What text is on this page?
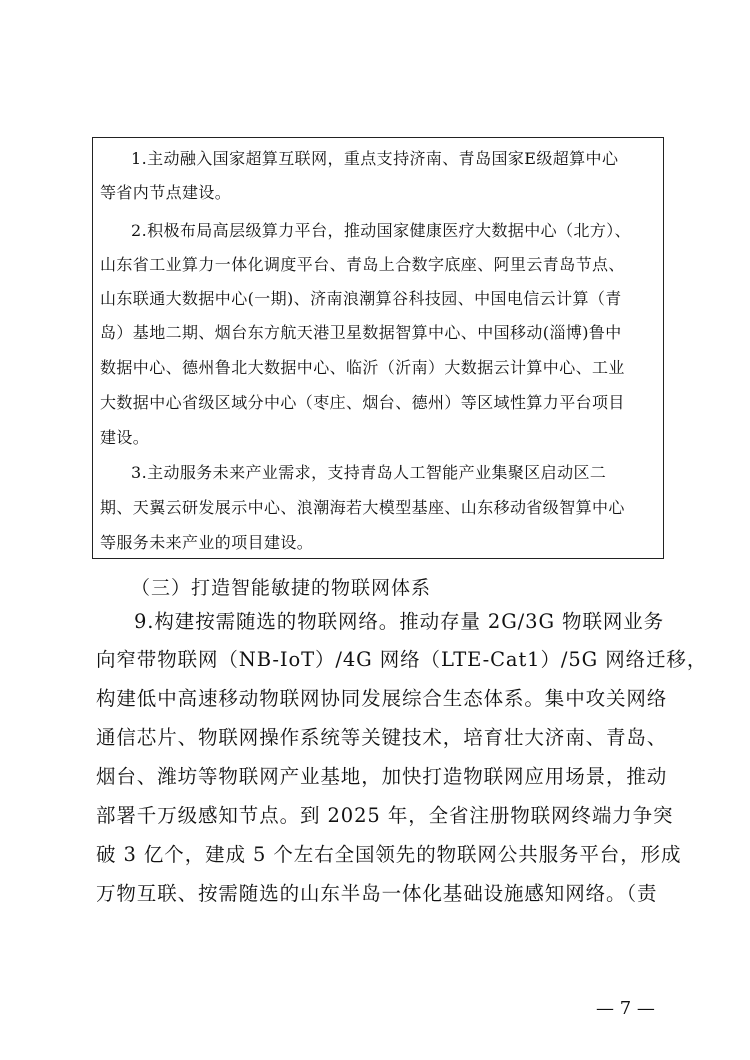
1.主动融入国家超算互联网，重点支持济南、青岛国家E级超算中心
等省内节点建设。
2.积极布局高层级算力平台，推动国家健康医疗大数据中心（北方）、
山东省工业算力一体化调度平台、青岛上合数字底座、阿里云青岛节点、
山东联通大数据中心(一期)、济南浪潮算谷科技园、中国电信云计算（青
岛）基地二期、烟台东方航天港卫星数据智算中心、中国移动(淄博)鲁中
数据中心、德州鲁北大数据中心、临沂（沂南）大数据云计算中心、工业
大数据中心省级区域分中心（枣庄、烟台、德州）等区域性算力平台项目
建设。
3.主动服务未来产业需求，支持青岛人工智能产业集聚区启动区二
期、天翼云研发展示中心、浪潮海若大模型基座、山东移动省级智算中心
等服务未来产业的项目建设。
（三）打造智能敏捷的物联网体系
9.构建按需随选的物联网络。推动存量 2G/3G 物联网业务
向窄带物联网（NB-IoT）/4G 网络（LTE-Cat1）/5G 网络迁移，
构建低中高速移动物联网协同发展综合生态体系。集中攻关网络
通信芯片、物联网操作系统等关键技术，培育壮大济南、青岛、
烟台、潍坊等物联网产业基地，加快打造物联网应用场景，推动
部署千万级感知节点。到 2025 年，全省注册物联网终端力争突
破 3 亿个，建成 5 个左右全国领先的物联网公共服务平台，形成
万物互联、按需随选的山东半岛一体化基础设施感知网络。（责
— 7 —
